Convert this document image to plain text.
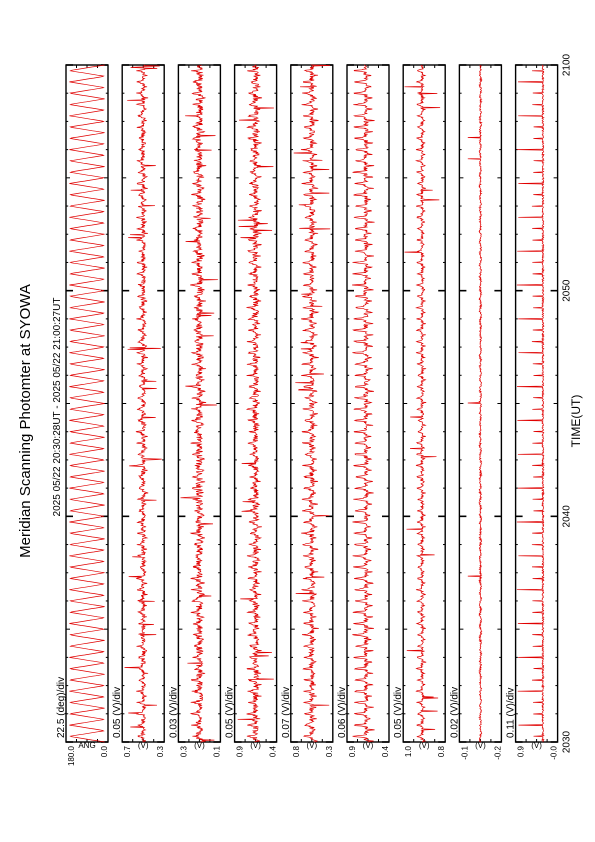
Meridian Scanning Photomter at SYOWA 2025 05/22 20:30:28UT - 2025 05/22 21:00:27UT	TIME(UT)
22.5 (deg)/div
180.0	0.0
ANG
0.05 (V)/div
0.7	0.3
(V)
0.03 (V)/div
0.3	0.1
(V)
0.05 (V)/div
0.9	0.4
(V)
0.07 (V)/div
0.8	0.3
(V)
0.06 (V)/div
0.9	0.4
(V)
0.05 (V)/div
1.0	0.8
(V)
0.02 (V)/div
-0.1	-0.2
(V)
0.11 (V)/div
0.9	-0.0
(V) 2030
2040
2050
2100
